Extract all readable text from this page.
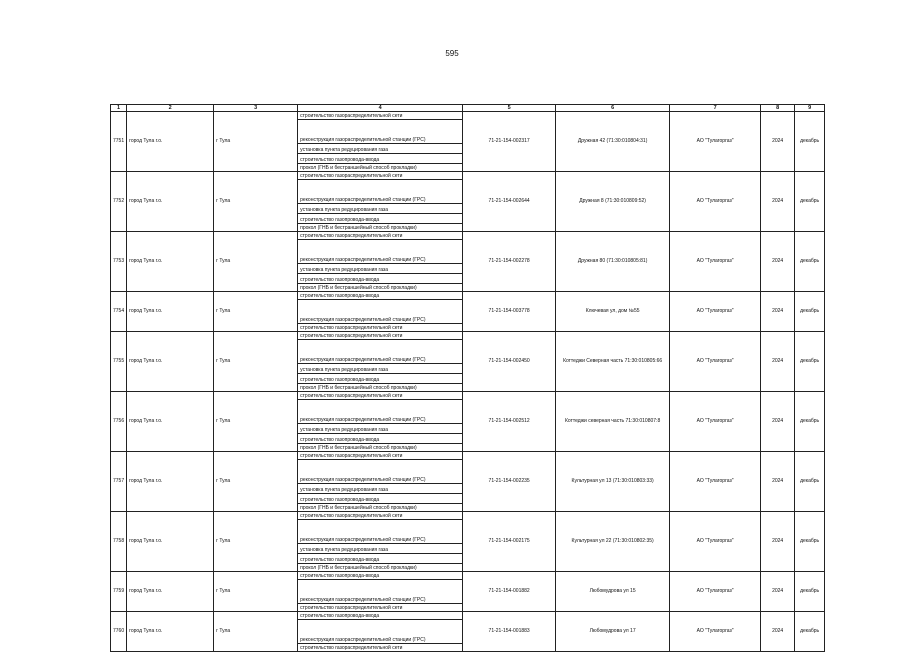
595
1	2	3	4	5	6	7	8	9
7751	город Тула г.о.	г Тула	строительство газораспределительной сети	71-21-154-002317	Дружная 42 (71:30:010804:31)	АО "Тулагоргаз"	2024	декабрь
			реконструкция газораспределительной станции (ГРС)					
			установка пункта редуцирования газа					
			строительство газопровода-ввода					
			прокол (ГНБ и бестраншейный способ прокладки)					
7752	город Тула г.о.	г Тула	строительство газораспределительной сети	71-21-154-002644	Дружная 8 (71:30:010809:52)	АО "Тулагоргаз"	2024	декабрь
			реконструкция газораспределительной станции (ГРС)					
			установка пункта редуцирования газа					
			строительство газопровода-ввода					
			прокол (ГНБ и бестраншейный способ прокладки)					
7753	город Тула г.о.	г Тула	строительство газораспределительной сети	71-21-154-002278	Дружная 80 (71:30:010805:81)	АО "Тулагоргаз"	2024	декабрь
			реконструкция газораспределительной станции (ГРС)					
			установка пункта редуцирования газа					
			строительство газопровода-ввода					
			прокол (ГНБ и бестраншейный способ прокладки)					
7754	город Тула г.о.	г Тула	строительство газопровода-ввода	71-21-154-003778	Ключевая ул, дом №55	АО "Тулагоргаз"	2024	декабрь
			реконструкция газораспределительной станции (ГРС)					
			строительство газораспределительной сети					
7755	город Тула г.о.	г Тула	строительство газораспределительной сети	71-21-154-002450	Коттеджи Северная часть 71:30:010805:66	АО "Тулагоргаз"	2024	декабрь
			реконструкция газораспределительной станции (ГРС)					
			установка пункта редуцирования газа					
			строительство газопровода-ввода					
			прокол (ГНБ и бестраншейный способ прокладки)					
7756	город Тула г.о.	г Тула	строительство газораспределительной сети	71-21-154-002512	Коттеджи северная часть 71:30:010807:8	АО "Тулагоргаз"	2024	декабрь
			реконструкция газораспределительной станции (ГРС)					
			установка пункта редуцирования газа					
			строительство газопровода-ввода					
			прокол (ГНБ и бестраншейный способ прокладки)					
7757	город Тула г.о.	г Тула	строительство газораспределительной сети	71-21-154-002235	Культурная ул 13 (71:30:010803:33)	АО "Тулагоргаз"	2024	декабрь
			реконструкция газораспределительной станции (ГРС)					
			установка пункта редуцирования газа					
			строительство газопровода-ввода					
			прокол (ГНБ и бестраншейный способ прокладки)					
7758	город Тула г.о.	г Тула	строительство газораспределительной сети	71-21-154-002175	Культурная ул 22 (71:30:010802:35)	АО "Тулагоргаз"	2024	декабрь
			реконструкция газораспределительной станции (ГРС)					
			установка пункта редуцирования газа					
			строительство газопровода-ввода					
			прокол (ГНБ и бестраншейный способ прокладки)					
7759	город Тула г.о.	г Тула	строительство газопровода-ввода	71-21-154-001882	Любомудрова ул 15	АО "Тулагоргаз"	2024	декабрь
			реконструкция газораспределительной станции (ГРС)					
			строительство газораспределительной сети					
7760	город Тула г.о.	г Тула	строительство газопровода-ввода	71-21-154-001883	Любомудрова ул 17	АО "Тулагоргаз"	2024	декабрь
			реконструкция газораспределительной станции (ГРС)					
			строительство газораспределительной сети					
